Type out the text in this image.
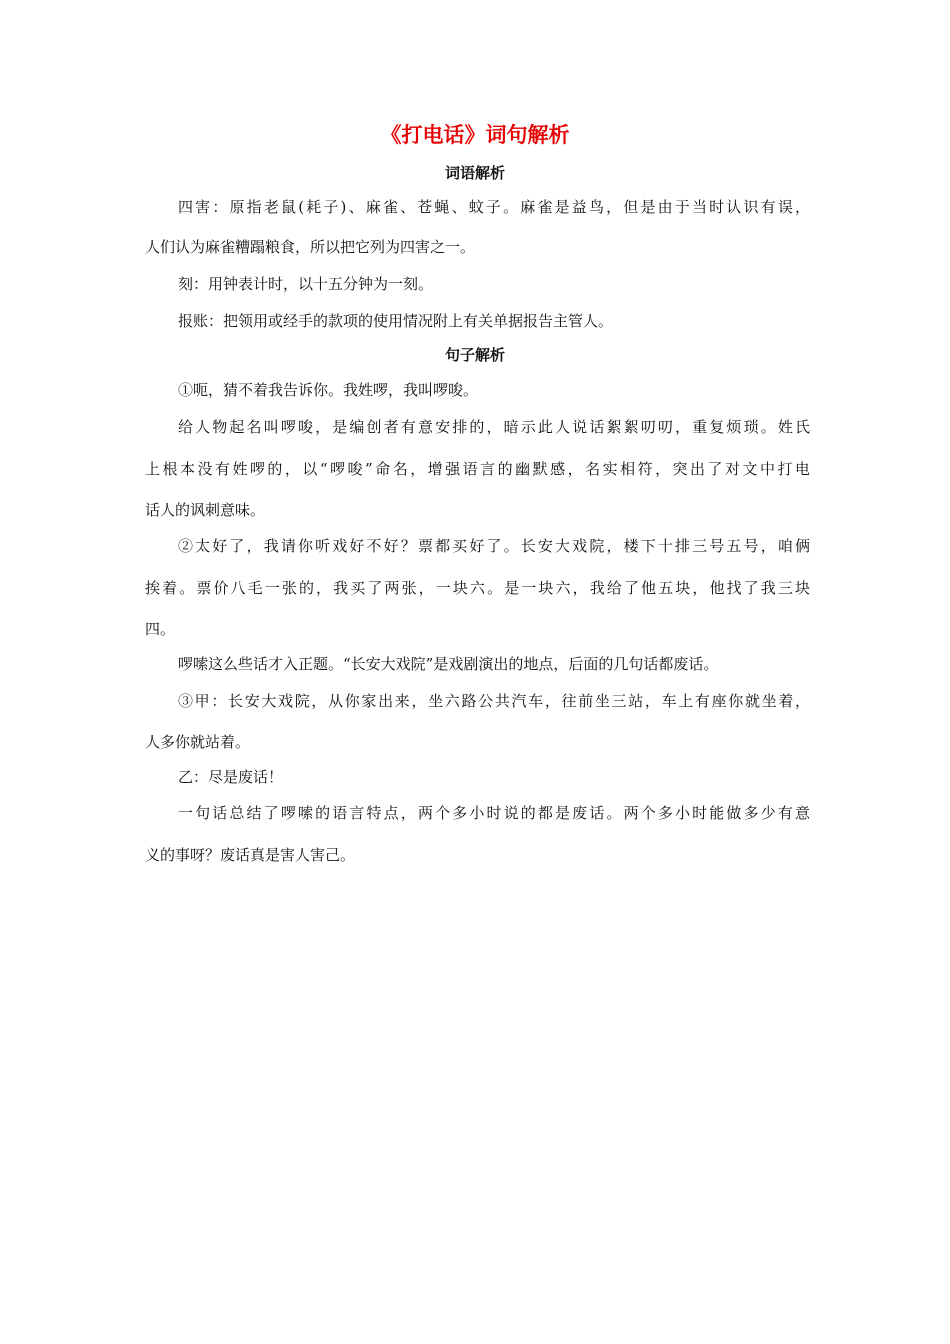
《打电话》词句解析
词语解析
四害：原指老鼠(耗子)、麻雀、苍蝇、蚊子。麻雀是益鸟，但是由于当时认识有误，
人们认为麻雀糟蹋粮食，所以把它列为四害之一。
刻：用钟表计时，以十五分钟为一刻。
报账：把领用或经手的款项的使用情况附上有关单据报告主管人。
句子解析
①呃，猜不着我告诉你。我姓啰，我叫啰唆。
给人物起名叫啰唆，是编创者有意安排的，暗示此人说话絮絮叨叨，重复烦琐。姓氏
上根本没有姓啰的，以“啰唆”命名，增强语言的幽默感，名实相符，突出了对文中打电
话人的讽刺意味。
②太好了，我请你听戏好不好？票都买好了。长安大戏院，楼下十排三号五号，咱俩
挨着。票价八毛一张的，我买了两张，一块六。是一块六，我给了他五块，他找了我三块
四。
啰嗦这么些话才入正题。“长安大戏院”是戏剧演出的地点，后面的几句话都废话。
③甲：长安大戏院，从你家出来，坐六路公共汽车，往前坐三站，车上有座你就坐着，
人多你就站着。
乙：尽是废话！
一句话总结了啰嗦的语言特点，两个多小时说的都是废话。两个多小时能做多少有意
义的事呀？废话真是害人害己。
